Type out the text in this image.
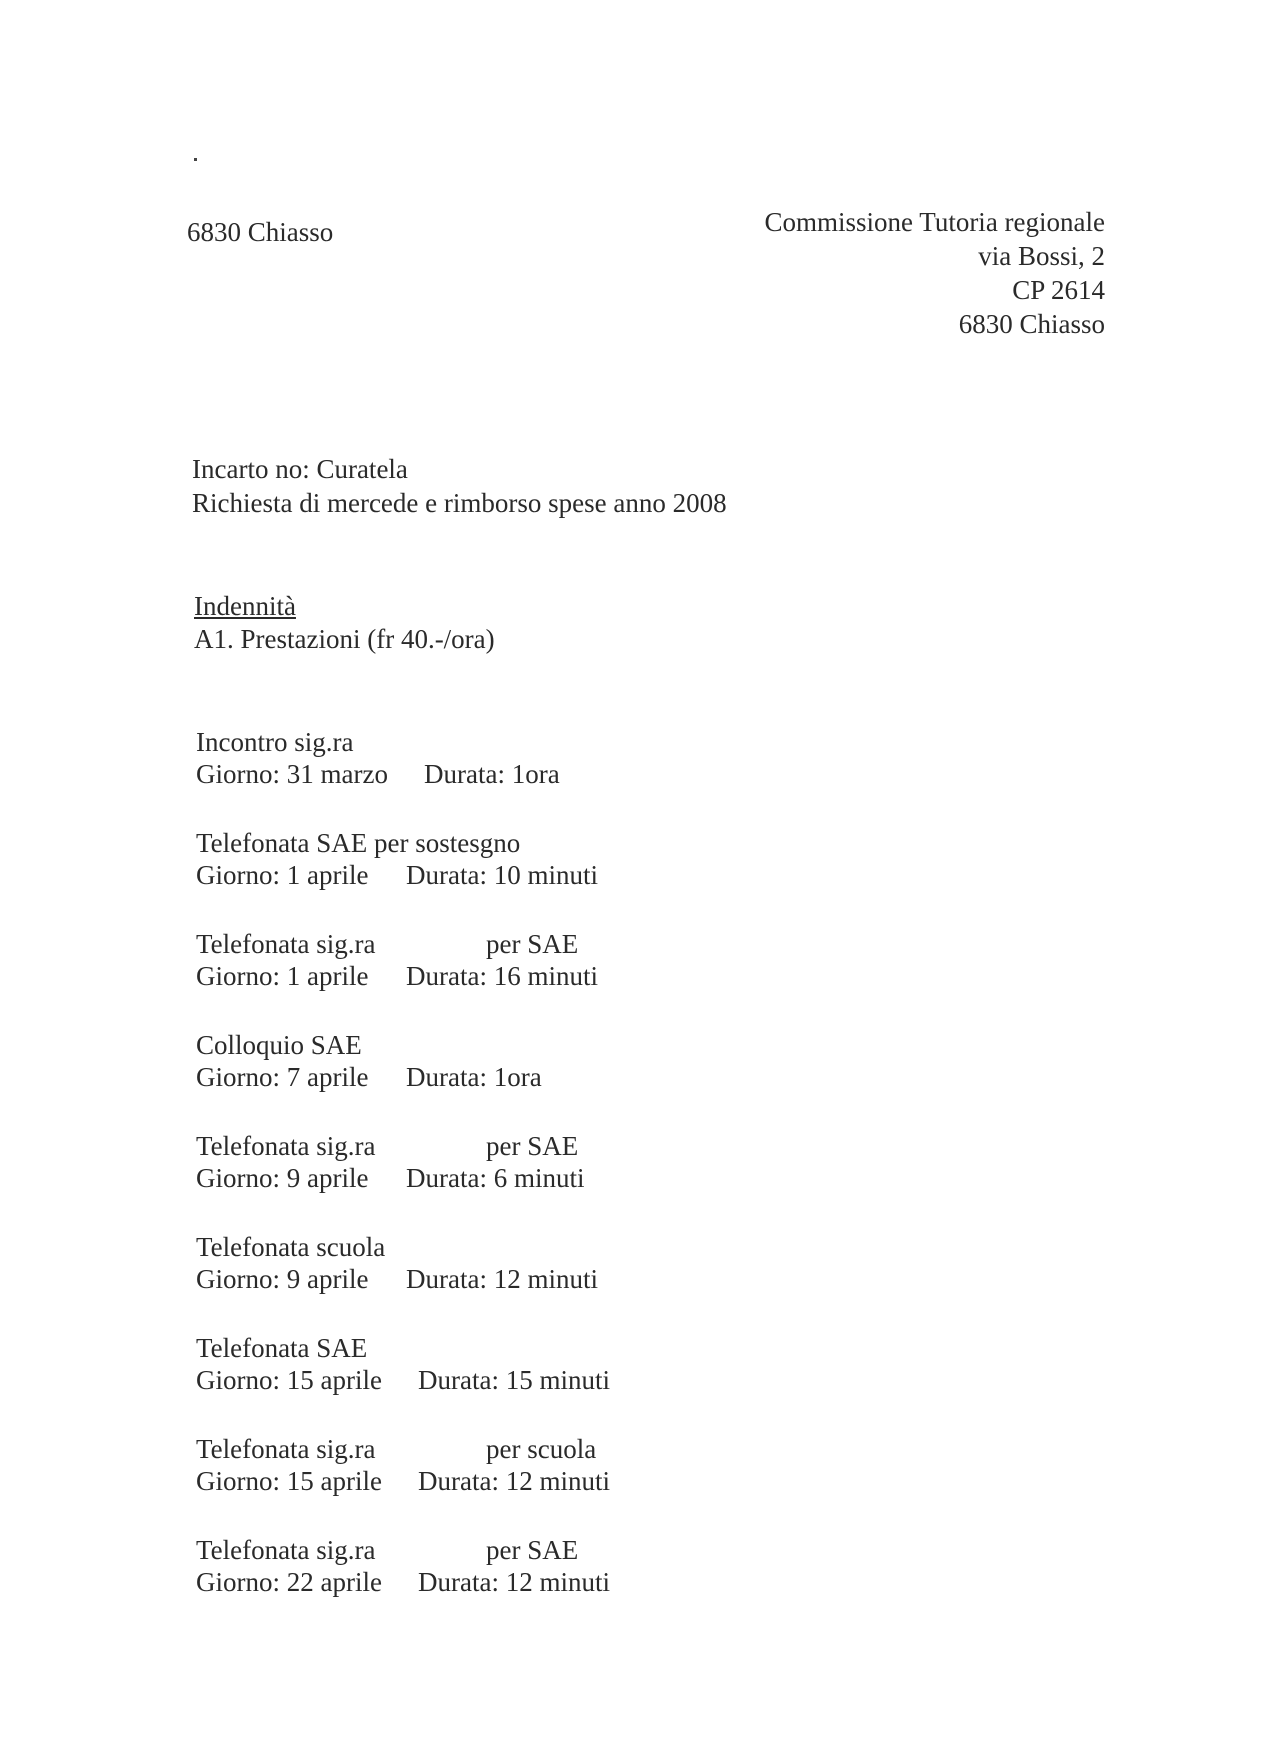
6830 Chiasso	Commissione Tutoria regionale
via Bossi, 2
CP 2614
6830 Chiasso
Incarto no: Curatela
Richiesta di mercede e rimborso spese anno 2008
Indennità
A1. Prestazioni (fr 40.-/ora)
Incontro sig.ra
Giorno: 31 marzo Durata: 1ora
Telefonata SAE per sostesgno
Giorno: 1 aprile Durata: 10 minuti
Telefonata sig.ra	per SAE
Giorno: 1 aprile Durata: 16 minuti
Colloquio SAE
Giorno: 7 aprile Durata: 1ora
Telefonata sig.ra	per SAE
Giorno: 9 aprile Durata: 6 minuti
Telefonata scuola
Giorno: 9 aprile Durata: 12 minuti
Telefonata SAE
Giorno: 15 aprile Durata: 15 minuti
Telefonata sig.ra	per scuola
Giorno: 15 aprile Durata: 12 minuti
Telefonata sig.ra	per SAE
Giorno: 22 aprile Durata: 12 minuti
